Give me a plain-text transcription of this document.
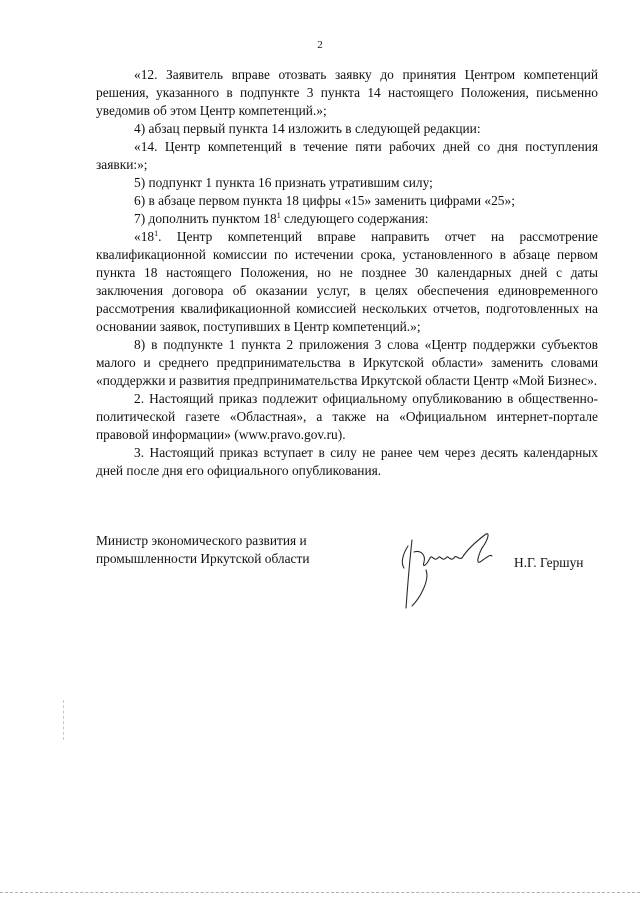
2

«12. Заявитель вправе отозвать заявку до принятия Центром компетенций решения, указанного в подпункте 3 пункта 14 настоящего Положения, письменно уведомив об этом Центр компетенций.»;

4) абзац первый пункта 14 изложить в следующей редакции:

«14. Центр компетенций в течение пяти рабочих дней со дня поступления заявки:»;

5) подпункт 1 пункта 16 признать утратившим силу;

6) в абзаце первом пункта 18 цифры «15» заменить цифрами «25»;

7) дополнить пунктом $18^1$ следующего содержания:

«$18^1$. Центр компетенций вправе направить отчет на рассмотрение квалификационной комиссии по истечении срока, установленного в абзаце первом пункта 18 настоящего Положения, но не позднее 30 календарных дней с даты заключения договора об оказании услуг, в целях обеспечения единовременного рассмотрения квалификационной комиссией нескольких отчетов, подготовленных на основании заявок, поступивших в Центр компетенций.»;

8) в подпункте 1 пункта 2 приложения 3 слова «Центр поддержки субъектов малого и среднего предпринимательства в Иркутской области» заменить словами «поддержки и развития предпринимательства Иркутской области Центр «Мой Бизнес».

2. Настоящий приказ подлежит официальному опубликованию в общественно-политической газете «Областная», а также на «Официальном интернет-портале правовой информации» (www.pravo.gov.ru).

3. Настоящий приказ вступает в силу не ранее чем через десять календарных дней после дня его официального опубликования.

Министр экономического развития и
промышленности Иркутской области	Н.Г. Гершун
